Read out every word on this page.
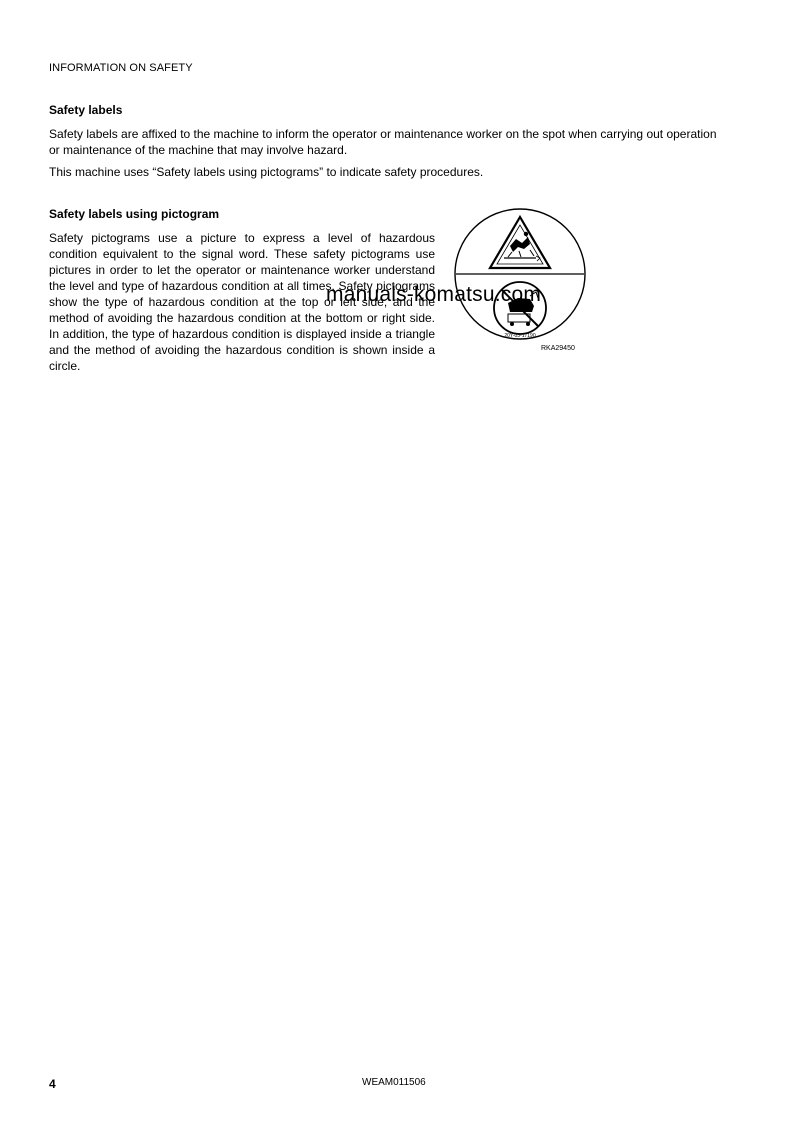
INFORMATION ON SAFETY
Safety labels
Safety labels are affixed to the machine to inform the operator or maintenance worker on the spot when carrying out operation or maintenance of the machine that may involve hazard.
This machine uses “Safety labels using pictograms” to indicate safety procedures.
Safety labels using pictogram
Safety pictograms use a picture to express a level of hazardous condition equivalent to the signal word. These safety pictograms use pictures in order to let the operator or maintenance worker understand the level and type of hazardous condition at all times. Safety pictograms show the type of hazardous condition at the top or left side, and the method of avoiding the hazardous condition at the bottom or right side. In addition, the type of hazardous condition is displayed inside a triangle and the method of avoiding the hazardous condition is shown inside a circle.
20Y-03-17190
RKA29450
manuals-komatsu.com
4	WEAM011506
